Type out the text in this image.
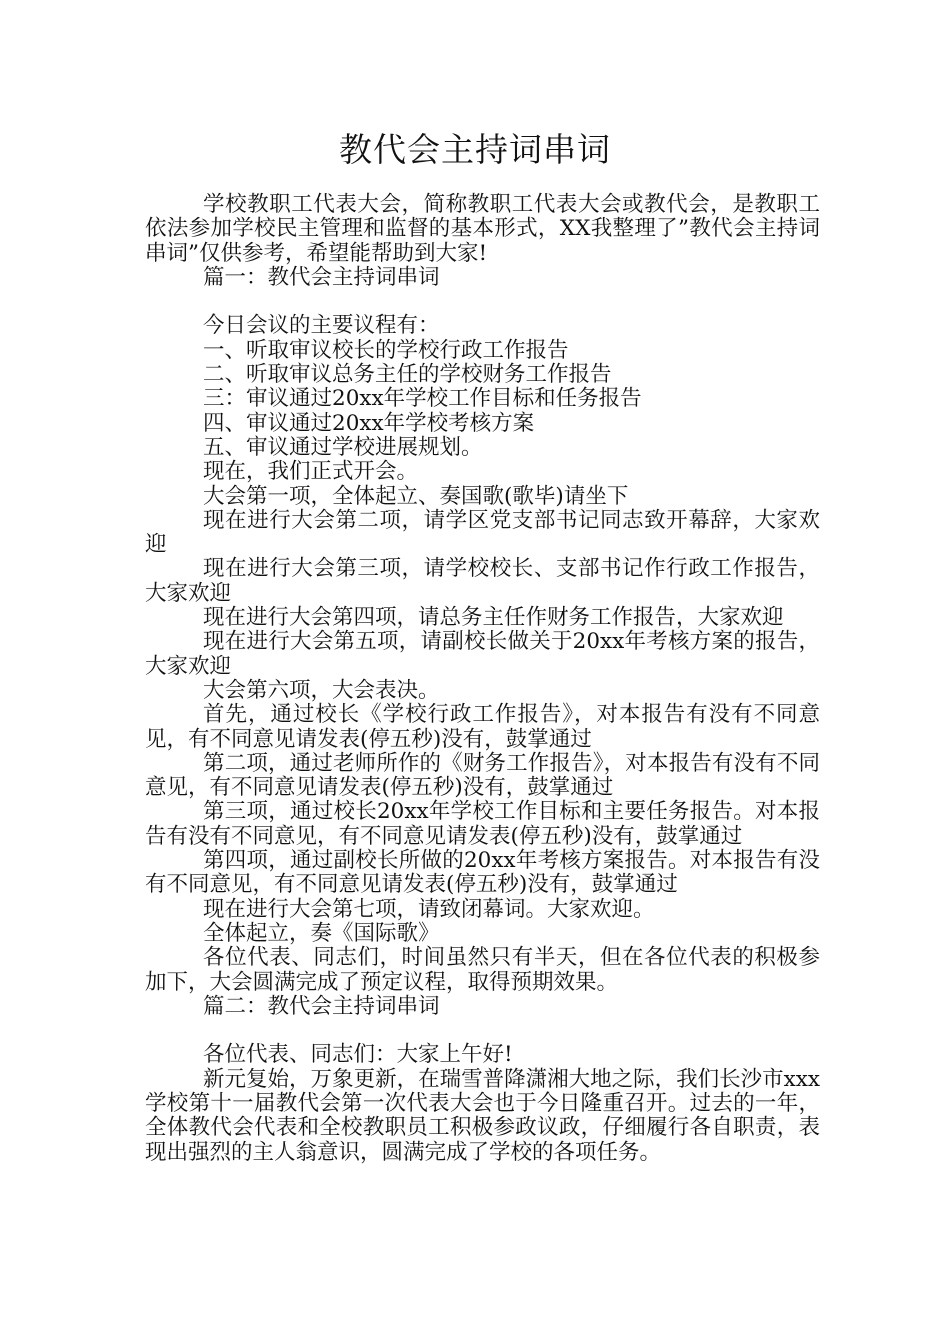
教代会主持词串词

学校教职工代表大会，简称教职工代表大会或教代会，是教职工依法参加学校民主管理和监督的基本形式，XX我整理了”教代会主持词串词”仅供参考，希望能帮助到大家!

篇一：教代会主持词串词

今日会议的主要议程有：

一、听取审议校长的学校行政工作报告

二、听取审议总务主任的学校财务工作报告

三：审议通过20xx年学校工作目标和任务报告

四、审议通过20xx年学校考核方案

五、审议通过学校进展规划。

现在，我们正式开会。

大会第一项，全体起立、奏国歌(歌毕)请坐下

现在进行大会第二项，请学区党支部书记同志致开幕辞，大家欢迎

现在进行大会第三项，请学校校长、支部书记作行政工作报告，大家欢迎

现在进行大会第四项，请总务主任作财务工作报告，大家欢迎

现在进行大会第五项，请副校长做关于20xx年考核方案的报告，大家欢迎

大会第六项，大会表决。

首先，通过校长《学校行政工作报告》，对本报告有没有不同意见，有不同意见请发表(停五秒)没有，鼓掌通过

第二项，通过老师所作的《财务工作报告》，对本报告有没有不同意见，有不同意见请发表(停五秒)没有，鼓掌通过

第三项，通过校长20xx年学校工作目标和主要任务报告。对本报告有没有不同意见，有不同意见请发表(停五秒)没有，鼓掌通过

第四项，通过副校长所做的20xx年考核方案报告。对本报告有没有不同意见，有不同意见请发表(停五秒)没有，鼓掌通过

现在进行大会第七项，请致闭幕词。大家欢迎。

全体起立，奏《国际歌》

各位代表、同志们，时间虽然只有半天，但在各位代表的积极参加下，大会圆满完成了预定议程，取得预期效果。

篇二：教代会主持词串词

各位代表、同志们：大家上午好!

新元复始，万象更新，在瑞雪普降潇湘大地之际，我们长沙市xxx学校第十一届教代会第一次代表大会也于今日隆重召开。过去的一年，全体教代会代表和全校教职员工积极参政议政，仔细履行各自职责，表现出强烈的主人翁意识，圆满完成了学校的各项任务。
